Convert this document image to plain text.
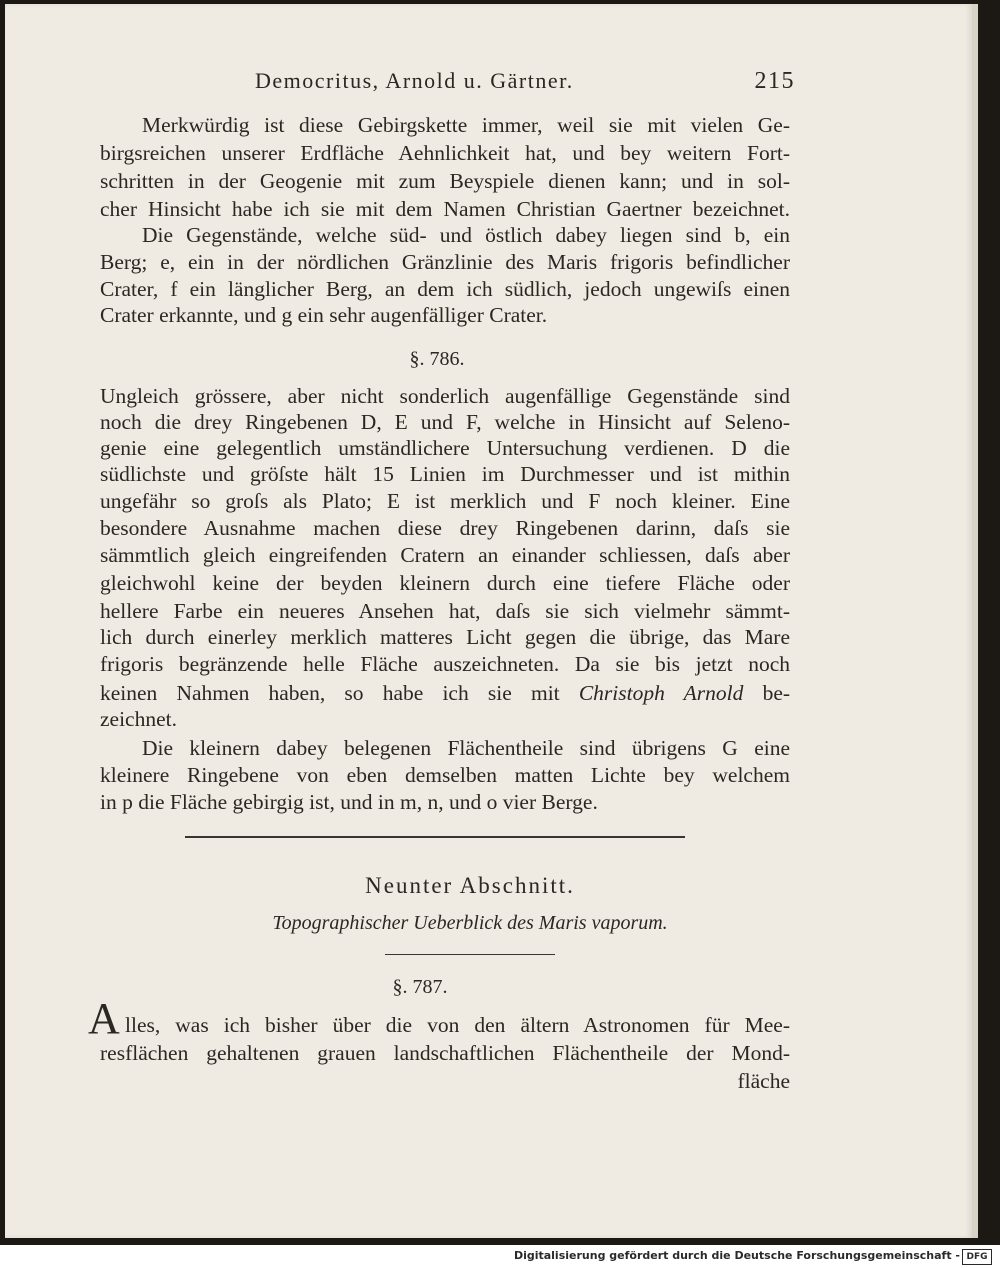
Democritus, Arnold u. Gärtner.	215
Merkwürdig ist diese Gebirgskette immer, weil sie mit vielen Ge-
birgsreichen unserer Erdfläche Aehnlichkeit hat, und bey weitern Fort-
schritten in der Geogenie mit zum Beyspiele dienen kann; und in sol-
cher Hinsicht habe ich sie mit dem Namen Christian Gaertner bezeichnet.
Die Gegenstände, welche süd- und östlich dabey liegen sind b, ein
Berg; e, ein in der nördlichen Gränzlinie des Maris frigoris befindlicher
Crater, f ein länglicher Berg, an dem ich südlich, jedoch ungewiſs einen
Crater erkannte, und g ein sehr augenfälliger Crater.
§. 786.
Ungleich grössere, aber nicht sonderlich augenfällige Gegenstände sind
noch die drey Ringebenen D, E und F, welche in Hinsicht auf Seleno-
genie eine gelegentlich umständlichere Untersuchung verdienen. D die
südlichste und gröſste hält 15 Linien im Durchmesser und ist mithin
ungefähr so groſs als Plato; E ist merklich und F noch kleiner. Eine
besondere Ausnahme machen diese drey Ringebenen darinn, daſs sie
sämmtlich gleich eingreifenden Cratern an einander schliessen, daſs aber
gleichwohl keine der beyden kleinern durch eine tiefere Fläche oder
hellere Farbe ein neueres Ansehen hat, daſs sie sich vielmehr sämmt-
lich durch einerley merklich matteres Licht gegen die übrige, das Mare
frigoris begränzende helle Fläche auszeichneten. Da sie bis jetzt noch
keinen Nahmen haben, so habe ich sie mit Christoph Arnold be-
zeichnet.
Die kleinern dabey belegenen Flächentheile sind übrigens G eine
kleinere Ringebene von eben demselben matten Lichte bey welchem
in p die Fläche gebirgig ist, und in m, n, und o vier Berge.
Neunter Abschnitt.
Topographischer Ueberblick des Maris vaporum.
§. 787.
A lles, was ich bisher über die von den ältern Astronomen für Mee-
resflächen gehaltenen grauen landschaftlichen Flächentheile der Mond-
fläche
Digitalisierung gefördert durch die Deutsche Forschungsgemeinschaft - DFG
